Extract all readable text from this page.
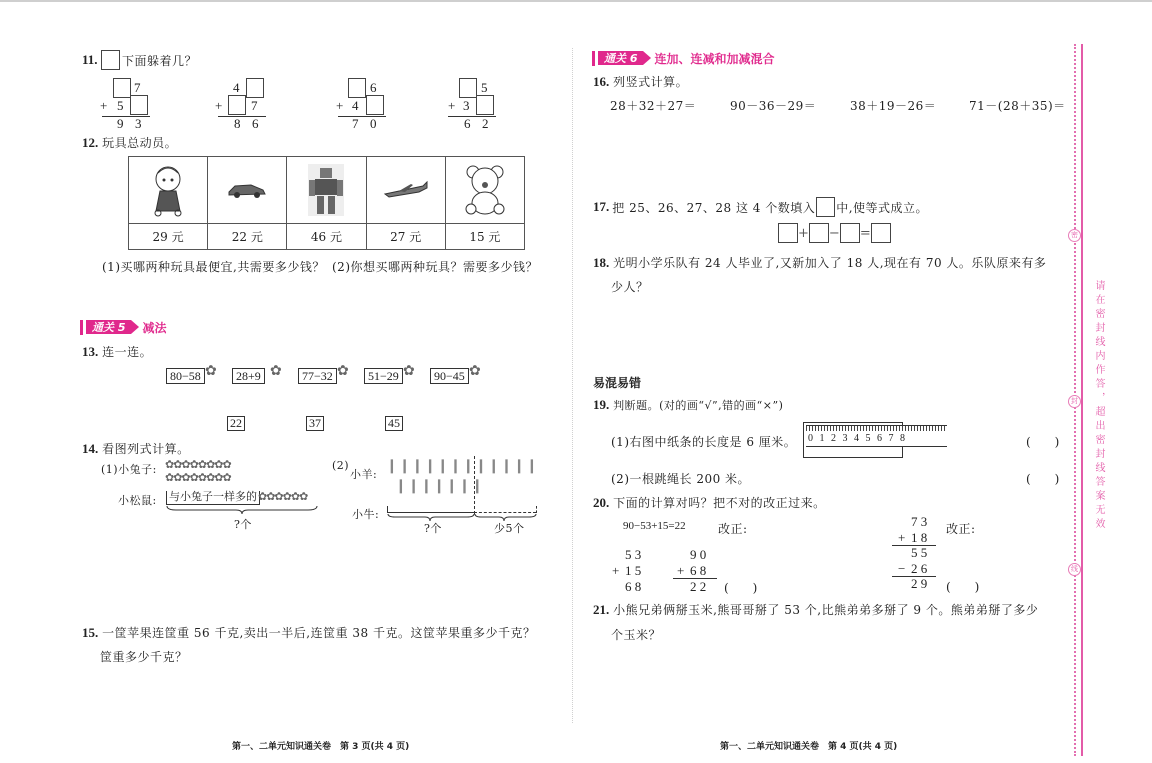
11. 下面躲着几？
7
+ 5
9 3
4
+ 7
8 6
6
+ 4
7 0
5
+ 3
6 2
12. 玩具总动员。

29 元	22 元	46 元	27 元	15 元
(1)买哪两种玩具最便宜,共需要多少钱？ (2)你想买哪两种玩具？需要多少钱？
通关 5	减法
13. 连一连。
80−58 ✿	28+9 ✿	77−32 ✿	51−29 ✿	90−45 ✿
22	37	45
14. 看图列式计算。
(1)小兔子: ✿✿✿✿✿✿✿✿
✿✿✿✿✿✿✿✿
小松鼠: 与小兔子一样多的 ✿✿✿✿✿✿
?个
(2)
小羊:
❙❙❙❙❙❙❙❙❙❙❙❙
❙❙❙❙❙❙❙
小牛:
?个	少5个
15. 一筐苹果连筐重 56 千克,卖出一半后,连筐重 38 千克。这筐苹果重多少千克？
筐重多少千克？
第一、二单元知识通关卷　第 3 页(共 4 页)
通关 6	连加、连减和加减混合
16. 列竖式计算。
28＋32＋27＝	90－36－29＝	38＋19－26＝	71－(28＋35)＝
17. 把 25、26、27、28 这 4 个数填入 中,使等式成立。
+ − =
18. 光明小学乐队有 24 人毕业了,又新加入了 18 人,现在有 70 人。乐队原来有多
少人？
易混易错
19. 判断题。(对的画“√”,错的画“×”)
(1)右图中纸条的长度是 6 厘米。 012345678	(　　)
(2)一根跳绳长 200 米。	(　　)
20. 下面的计算对吗？把不对的改正过来。
90−53+15=22	改正:
5 3
+ 1 5
6 8
9 0
+ 6 8
2 2 (　　)
7 3
+ 1 8
5 5
− 2 6
2 9
改正:
(　　)
21. 小熊兄弟俩掰玉米,熊哥哥掰了 53 个,比熊弟弟多掰了 9 个。熊弟弟掰了多少
个玉米？
第一、二单元知识通关卷　第 4 页(共 4 页)
密
封
线
请在密封线内作答，超出密封线答案无效
